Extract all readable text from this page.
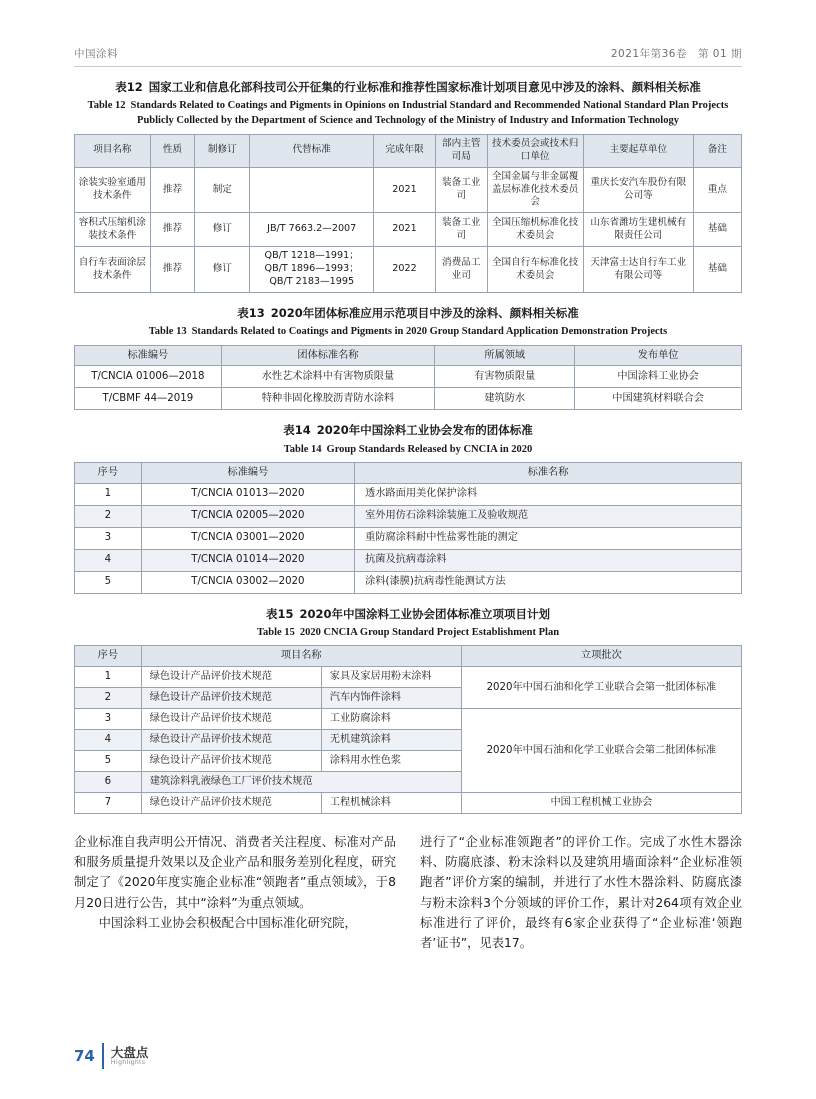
中国涂料	2021年第36卷　第 01 期
表12 国家工业和信息化部科技司公开征集的行业标准和推荐性国家标准计划项目意见中涉及的涂料、颜料相关标准
Table 12 Standards Related to Coatings and Pigments in Opinions on Industrial Standard and Recommended National Standard Plan Projects Publicly Collected by the Department of Science and Technology of the Ministry of Industry and Information Technology
项目名称	性质	制修订	代替标准	完成年限	部内主管司局	技术委员会或技术归口单位	主要起草单位	备注
涂装实验室通用技术条件	推荐	制定		2021	装备工业司	全国金属与非金属覆盖层标准化技术委员会	重庆长安汽车股份有限公司等	重点
容积式压缩机涂装技术条件	推荐	修订	JB/T 7663.2—2007	2021	装备工业司	全国压缩机标准化技术委员会	山东省潍坊生建机械有限责任公司	基础
自行车表面涂层技术条件	推荐	修订	QB/T 1218—1991；QB/T 1896—1993；QB/T 2183—1995	2022	消费品工业司	全国自行车标准化技术委员会	天津富士达自行车工业有限公司等	基础
表13 2020年团体标准应用示范项目中涉及的涂料、颜料相关标准
Table 13 Standards Related to Coatings and Pigments in 2020 Group Standard Application Demonstration Projects
标准编号	团体标准名称	所属领域	发布单位
T/CNCIA 01006—2018	水性艺术涂料中有害物质限量	有害物质限量	中国涂料工业协会
T/CBMF 44—2019	特种非固化橡胶沥青防水涂料	建筑防水	中国建筑材料联合会
表14 2020年中国涂料工业协会发布的团体标准
Table 14 Group Standards Released by CNCIA in 2020
序号	标准编号	标准名称
1	T/CNCIA 01013—2020	透水路面用美化保护涂料
2	T/CNCIA 02005—2020	室外用仿石涂料涂装施工及验收规范
3	T/CNCIA 03001—2020	重防腐涂料耐中性盐雾性能的测定
4	T/CNCIA 01014—2020	抗菌及抗病毒涂料
5	T/CNCIA 03002—2020	涂料(漆膜)抗病毒性能测试方法
表15 2020年中国涂料工业协会团体标准立项项目计划
Table 15 2020 CNCIA Group Standard Project Establishment Plan
序号	项目名称		立项批次
1	绿色设计产品评价技术规范	家具及家居用粉末涂料	2020年中国石油和化学工业联合会第一批团体标准
2	绿色设计产品评价技术规范	汽车内饰件涂料	
3	绿色设计产品评价技术规范	工业防腐涂料	2020年中国石油和化学工业联合会第二批团体标准
4	绿色设计产品评价技术规范	无机建筑涂料	
5	绿色设计产品评价技术规范	涂料用水性色浆	
6	建筑涂料乳液绿色工厂评价技术规范		
7	绿色设计产品评价技术规范	工程机械涂料	中国工程机械工业协会

企业标准自我声明公开情况、消费者关注程度、标准对产品和服务质量提升效果以及企业产品和服务差别化程度，研究制定了《2020年度实施企业标准“领跑者”重点领域》，于8月20日进行公告，其中“涂料”为重点领域。

中国涂料工业协会积极配合中国标准化研究院，

进行了“企业标准领跑者”的评价工作。完成了水性木器涂料、防腐底漆、粉末涂料以及建筑用墙面涂料“企业标准领跑者”评价方案的编制，并进行了水性木器涂料、防腐底漆与粉末涂料3个分领域的评价工作，累计对264项有效企业标准进行了评价，最终有6家企业获得了“企业标准‘领跑者’证书”，见表17。

74 大盘点
Highlights
